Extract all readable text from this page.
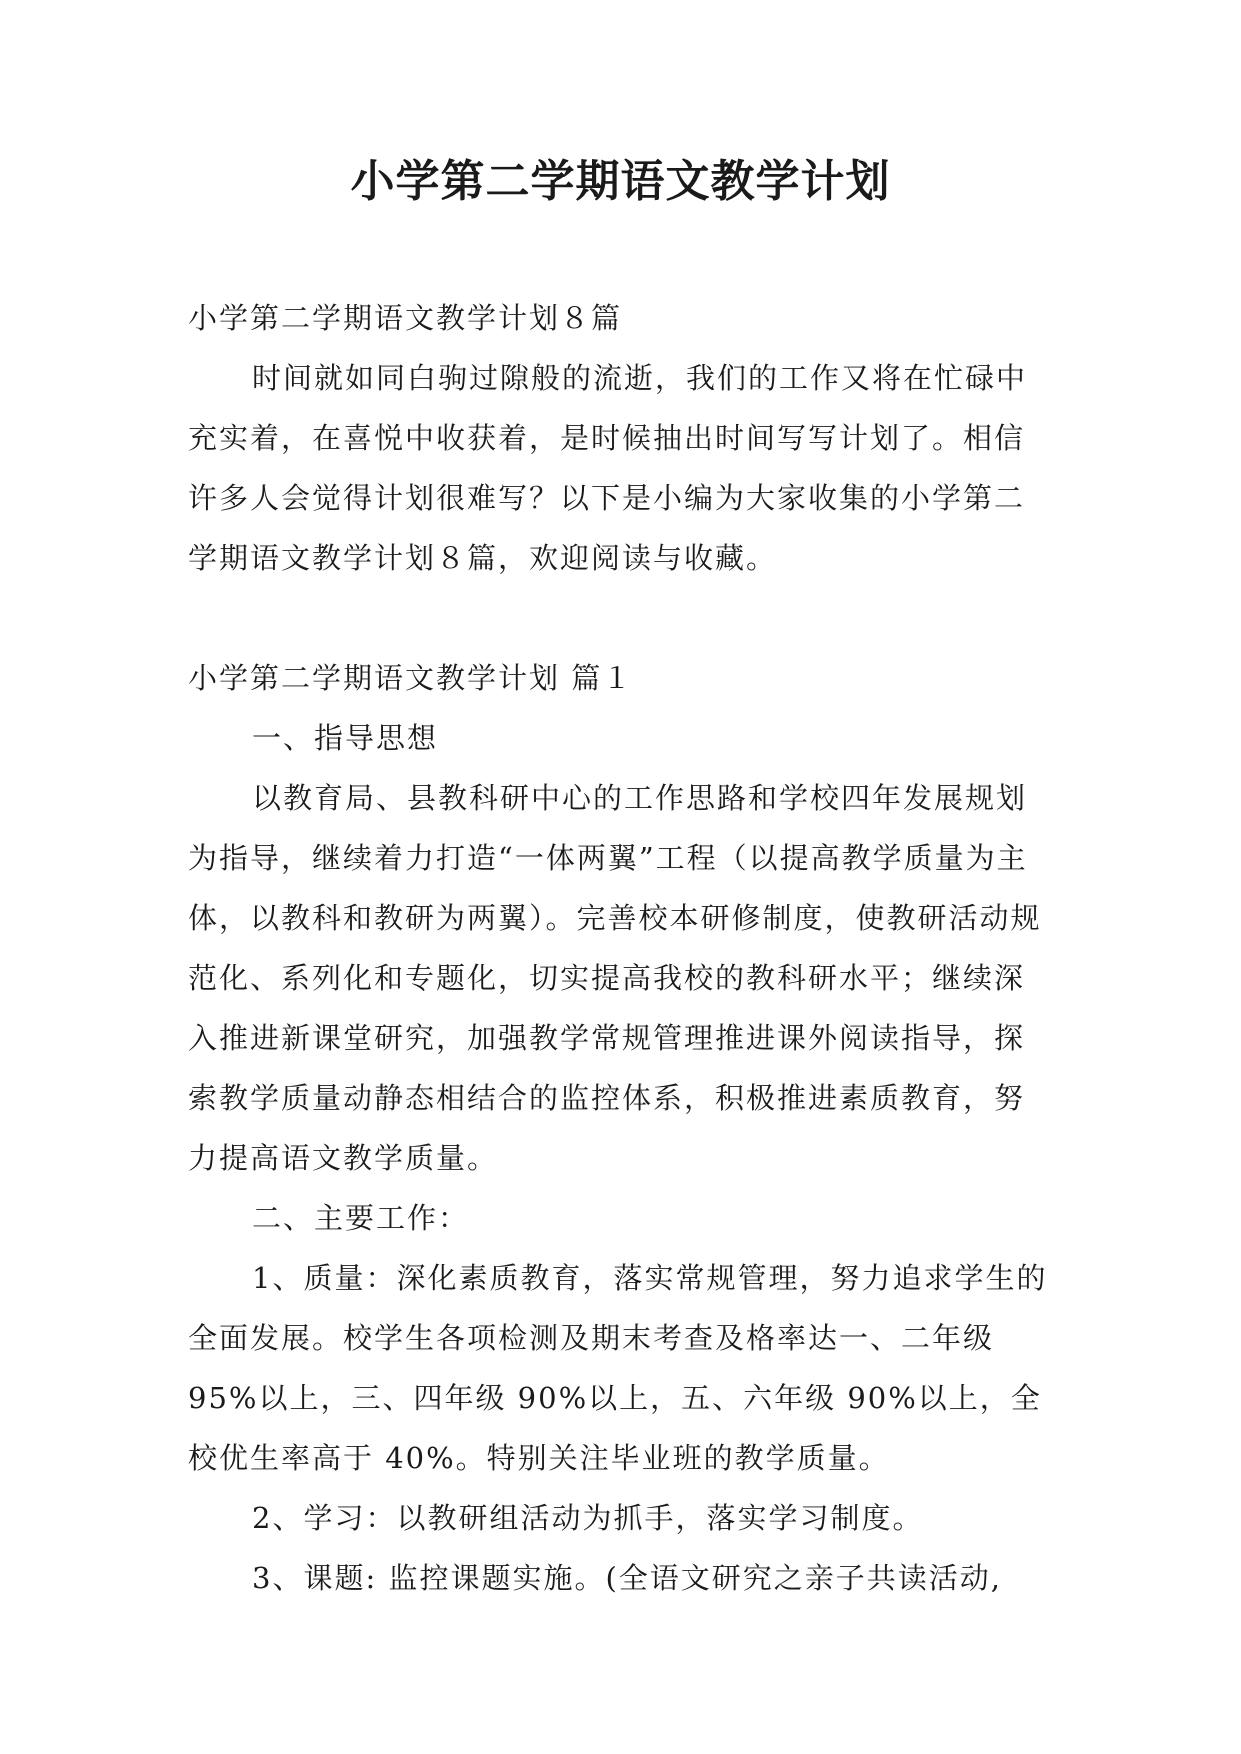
小学第二学期语文教学计划

小学第二学期语文教学计划８篇

时间就如同白驹过隙般的流逝，我们的工作又将在忙碌中充实着，在喜悦中收获着，是时候抽出时间写写计划了。相信许多人会觉得计划很难写？以下是小编为大家收集的小学第二学期语文教学计划８篇，欢迎阅读与收藏。

小学第二学期语文教学计划 篇１

一、指导思想

以教育局、县教科研中心的工作思路和学校四年发展规划为指导，继续着力打造“一体两翼”工程（以提高教学质量为主体，以教科和教研为两翼）。完善校本研修制度，使教研活动规范化、系列化和专题化，切实提高我校的教科研水平；继续深入推进新课堂研究，加强教学常规管理推进课外阅读指导，探索教学质量动静态相结合的监控体系，积极推进素质教育，努力提高语文教学质量。

二、主要工作：

1、质量：深化素质教育，落实常规管理，努力追求学生的全面发展。校学生各项检测及期末考查及格率达一、二年级 95%以上，三、四年级 90%以上，五、六年级 90%以上，全校优生率高于 40%。特别关注毕业班的教学质量。

2、学习：以教研组活动为抓手，落实学习制度。

3、课题: 监控课题实施。(全语文研究之亲子共读活动,
